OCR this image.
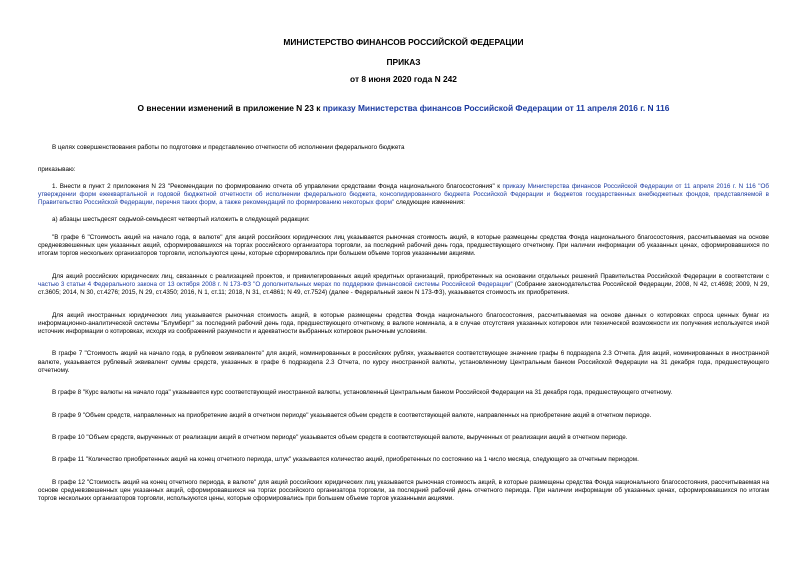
МИНИСТЕРСТВО ФИНАНСОВ РОССИЙСКОЙ ФЕДЕРАЦИИ
ПРИКАЗ
от 8 июня 2020 года N 242
О внесении изменений в приложение N 23 к приказу Министерства финансов Российской Федерации от 11 апреля 2016 г. N 116

В целях совершенствования работы по подготовке и представлению отчетности об исполнении федерального бюджета

приказываю:

1. Внести в пункт 2 приложения N 23 "Рекомендации по формированию отчета об управлении средствами Фонда национального благосостояния" к приказу Министерства финансов Российской Федерации от 11 апреля 2016 г. N 116 "Об утверждении форм ежеквартальной и годовой бюджетной отчетности об исполнении федерального бюджета, консолидированного бюджета Российской Федерации и бюджетов государственных внебюджетных фондов, представляемой в Правительство Российской Федерации, перечня таких форм, а также рекомендаций по формированию некоторых форм" следующие изменения:

а) абзацы шестьдесят седьмой-семьдесят четвертый изложить в следующей редакции:

"В графе 6 "Стоимость акций на начало года, в валюте" для акций российских юридических лиц указывается рыночная стоимость акций, в которые размещены средства Фонда национального благосостояния, рассчитываемая на основе средневзвешенных цен указанных акций, сформировавшихся на торгах российского организатора торговли, за последний рабочий день года, предшествующего отчетному. При наличии информации об указанных ценах, сформировавшихся по итогам торгов нескольких организаторов торговли, используются цены, которые сформировались при большем объеме торгов указанными акциями.

Для акций российских юридических лиц, связанных с реализацией проектов, и привилегированных акций кредитных организаций, приобретенных на основании отдельных решений Правительства Российской Федерации в соответствии с частью 3 статьи 4 Федерального закона от 13 октября 2008 г. N 173-ФЗ "О дополнительных мерах по поддержке финансовой системы Российской Федерации" (Собрание законодательства Российской Федерации, 2008, N 42, ст.4698; 2009, N 29, ст.3605; 2014, N 30, ст.4276; 2015, N 29, ст.4350; 2016, N 1, ст.11; 2018, N 31, ст.4861; N 49, ст.7524) (далее - Федеральный закон N 173-ФЗ), указывается стоимость их приобретения.

Для акций иностранных юридических лиц указывается рыночная стоимость акций, в которые размещены средства Фонда национального благосостояния, рассчитываемая на основе данных о котировках спроса ценных бумаг из информационно-аналитической системы "Блумберг" за последний рабочий день года, предшествующего отчетному, в валюте номинала, а в случае отсутствия указанных котировок или технической возможности их получения используется иной источник информации о котировках, исходя из соображений разумности и адекватности выбранных котировок рыночным условиям.

В графе 7 "Стоимость акций на начало года, в рублевом эквиваленте" для акций, номинированных в российских рублях, указывается соответствующее значение графы 6 подраздела 2.3 Отчета. Для акций, номинированных в иностранной валюте, указывается рублевый эквивалент суммы средств, указанных в графе 6 подраздела 2.3 Отчета, по курсу иностранной валюты, установленному Центральным банком Российской Федерации на 31 декабря года, предшествующего отчетному.

В графе 8 "Курс валюты на начало года" указывается курс соответствующей иностранной валюты, установленный Центральным банком Российской Федерации на 31 декабря года, предшествующего отчетному.

В графе 9 "Объем средств, направленных на приобретение акций в отчетном периоде" указывается объем средств в соответствующей валюте, направленных на приобретение акций в отчетном периоде.

В графе 10 "Объем средств, вырученных от реализации акций в отчетном периоде" указывается объем средств в соответствующей валюте, вырученных от реализации акций в отчетном периоде.

В графе 11 "Количество приобретенных акций на конец отчетного периода, штук" указывается количество акций, приобретенных по состоянию на 1 число месяца, следующего за отчетным периодом.

В графе 12 "Стоимость акций на конец отчетного периода, в валюте" для акций российских юридических лиц указывается рыночная стоимость акций, в которые размещены средства Фонда национального благосостояния, рассчитываемая на основе средневзвешенных цен указанных акций, сформировавшихся на торгах российского организатора торговли, за последний рабочий день отчетного периода. При наличии информации об указанных ценах, сформировавшихся по итогам торгов нескольких организаторов торговли, используются цены, которые сформировались при большем объеме торгов указанными акциями.
